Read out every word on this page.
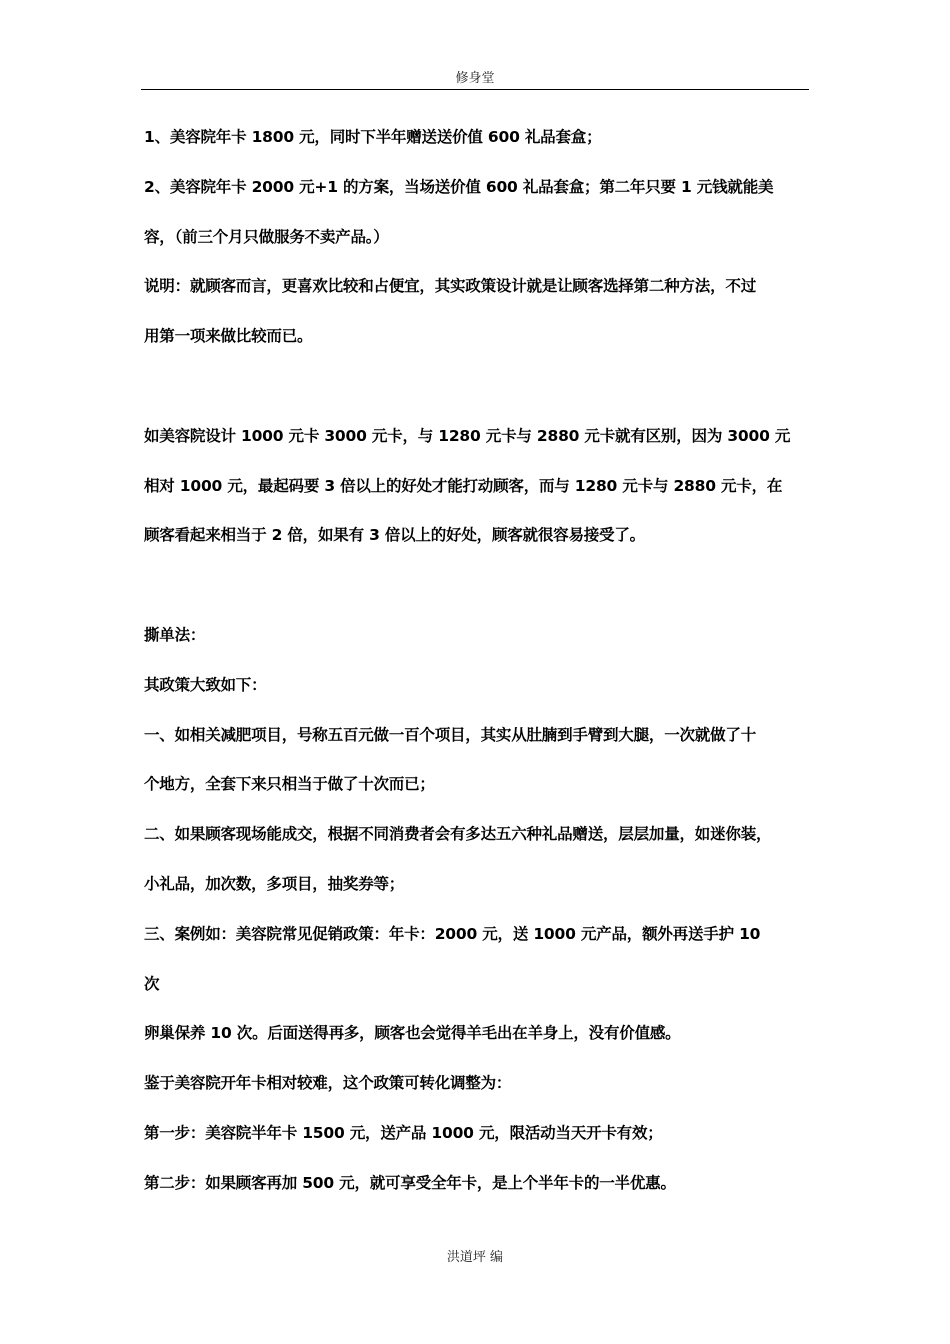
修身堂
1、美容院年卡 1800 元，同时下半年赠送送价值 600 礼品套盒；
2、美容院年卡 2000 元+1 的方案，当场送价值 600 礼品套盒；第二年只要 1 元钱就能美
容，（前三个月只做服务不卖产品。）
说明：就顾客而言，更喜欢比较和占便宜，其实政策设计就是让顾客选择第二种方法，不过
用第一项来做比较而已。
如美容院设计 1000 元卡 3000 元卡，与 1280 元卡与 2880 元卡就有区别，因为 3000 元
相对 1000 元，最起码要 3 倍以上的好处才能打动顾客，而与 1280 元卡与 2880 元卡，在
顾客看起来相当于 2 倍，如果有 3 倍以上的好处，顾客就很容易接受了。
撕单法：
其政策大致如下：
一、如相关减肥项目，号称五百元做一百个项目，其实从肚腩到手臂到大腿，一次就做了十
个地方，全套下来只相当于做了十次而已；
二、如果顾客现场能成交，根据不同消费者会有多达五六种礼品赠送，层层加量，如迷你装，
小礼品，加次数，多项目，抽奖券等；
三、案例如：美容院常见促销政策：年卡：2000 元，送 1000 元产品，额外再送手护 10
次
卵巢保养 10 次。后面送得再多，顾客也会觉得羊毛出在羊身上，没有价值感。
鉴于美容院开年卡相对较难，这个政策可转化调整为：
第一步：美容院半年卡 1500 元，送产品 1000 元，限活动当天开卡有效；
第二步：如果顾客再加 500 元，就可享受全年卡，是上个半年卡的一半优惠。
洪道坪 编
